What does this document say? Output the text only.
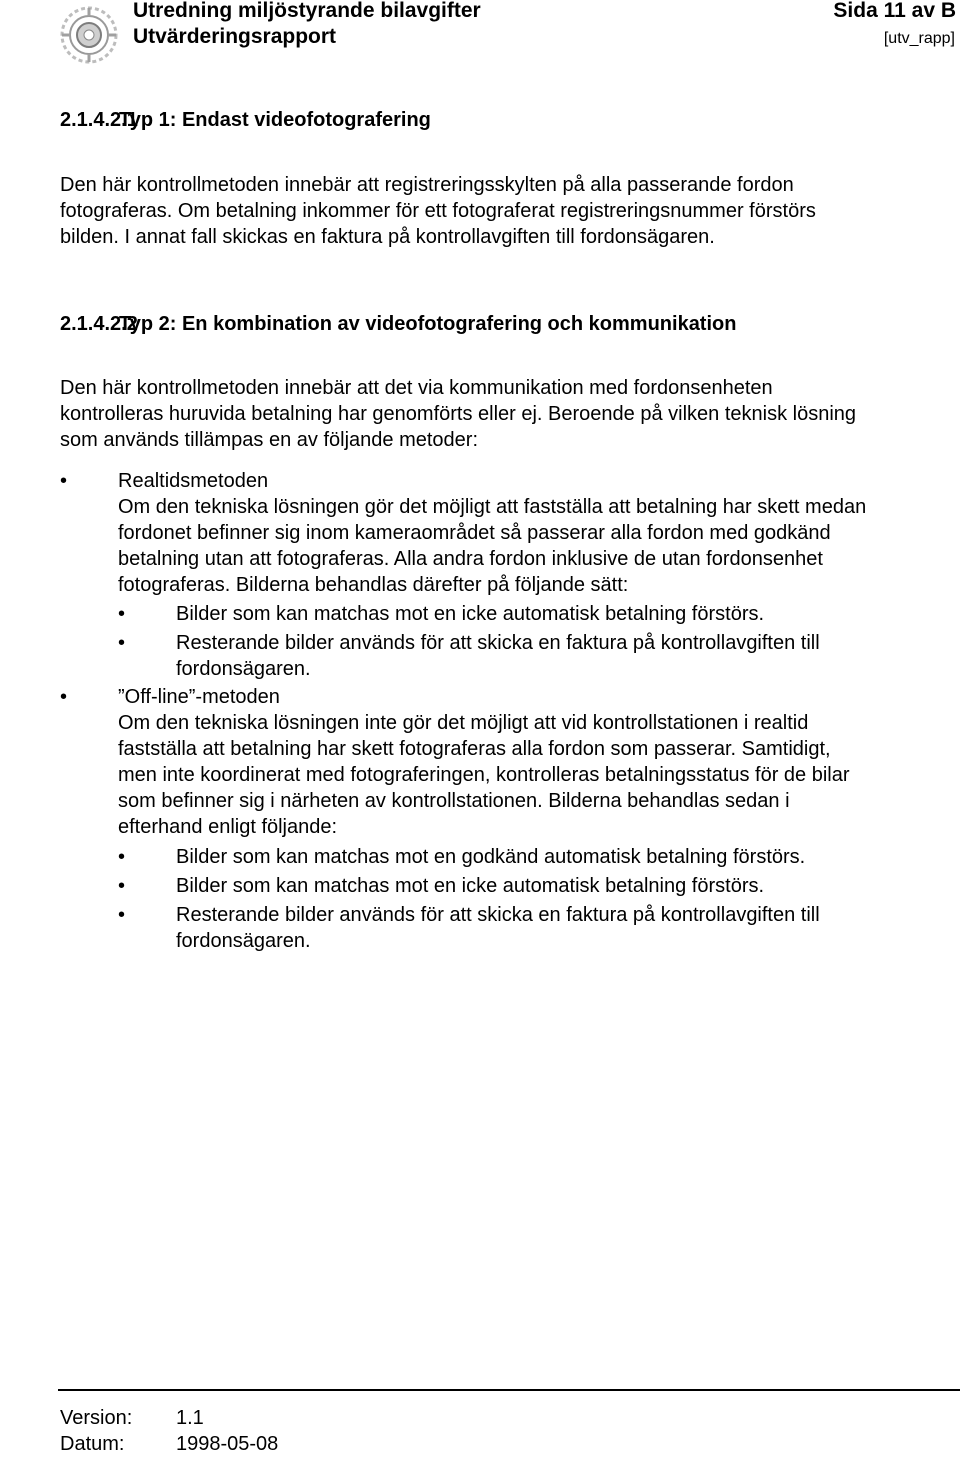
Utredning miljöstyrande bilavgifter
Utvärderingsrapport
Sida 11 av B
[utv_rapp]
2.1.4.2.1
Typ 1: Endast videofotografering
Den här kontrollmetoden innebär att registreringsskylten på alla passerande fordon
fotograferas. Om betalning inkommer för ett fotograferat registreringsnummer förstörs
bilden. I annat fall skickas en faktura på kontrollavgiften till fordonsägaren.
2.1.4.2.2
Typ 2: En kombination av videofotografering och kommunikation
Den här kontrollmetoden innebär att det via kommunikation med fordonsenheten
kontrolleras huruvida betalning har genomförts eller ej. Beroende på vilken teknisk lösning
som används tillämpas en av följande metoder:
•	Realtidsmetoden
Om den tekniska lösningen gör det möjligt att fastställa att betalning har skett medan
fordonet befinner sig inom kameraområdet så passerar alla fordon med godkänd
betalning utan att fotograferas. Alla andra fordon inklusive de utan fordonsenhet
fotograferas. Bilderna behandlas därefter på följande sätt:
•	Bilder som kan matchas mot en icke automatisk betalning förstörs.
•	Resterande bilder används för att skicka en faktura på kontrollavgiften till
fordonsägaren.
•	”Off-line”-metoden
Om den tekniska lösningen inte gör det möjligt att vid kontrollstationen i realtid
fastställa att betalning har skett fotograferas alla fordon som passerar. Samtidigt,
men inte koordinerat med fotograferingen, kontrolleras betalningsstatus för de bilar
som befinner sig i närheten av kontrollstationen. Bilderna behandlas sedan i
efterhand enligt följande:
•	Bilder som kan matchas mot en godkänd automatisk betalning förstörs.
•	Bilder som kan matchas mot en icke automatisk betalning förstörs.
•	Resterande bilder används för att skicka en faktura på kontrollavgiften till
fordonsägaren.
Version: 1.1
Datum:	1998-05-08
